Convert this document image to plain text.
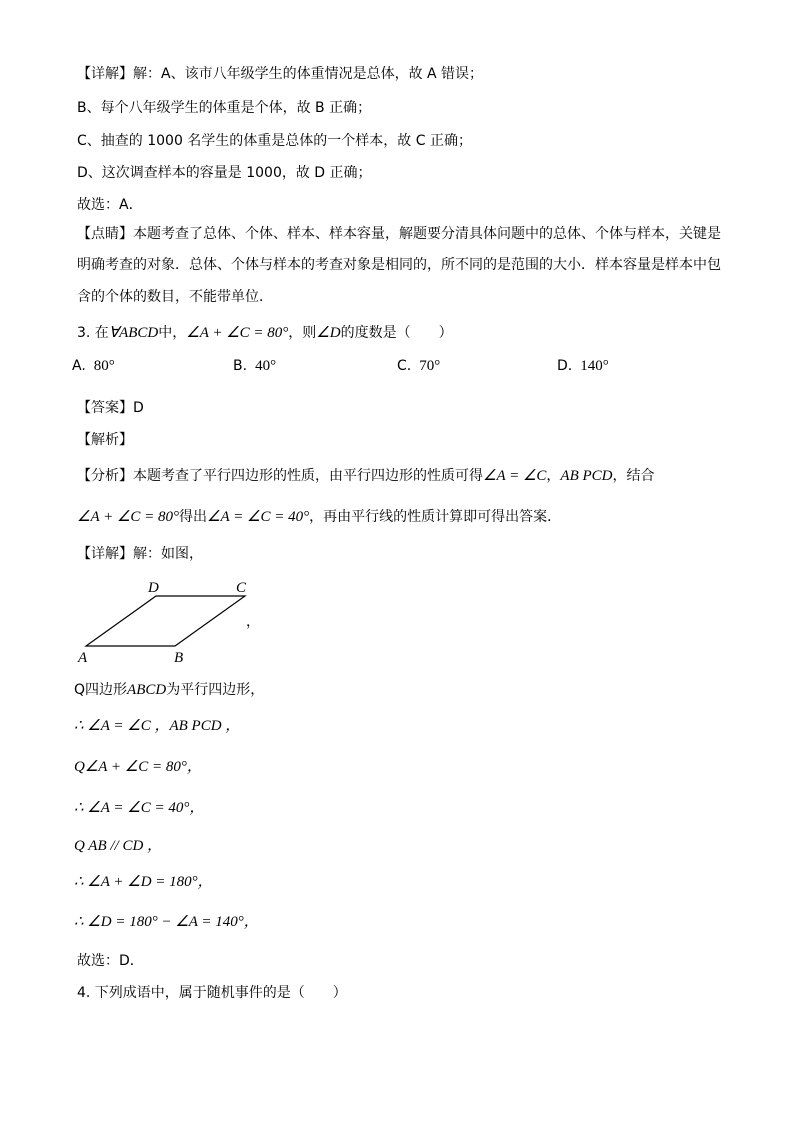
【详解】解：A、该市八年级学生的体重情况是总体，故 A 错误；
B、每个八年级学生的体重是个体，故 B 正确；
C、抽查的 1000 名学生的体重是总体的一个样本，故 C 正确；
D、这次调查样本的容量是 1000，故 D 正确；
故选：A．
【点睛】本题考查了总体、个体、样本、样本容量，解题要分清具体问题中的总体、个体与样本，关键是
明确考查的对象．总体、个体与样本的考查对象是相同的，所不同的是范围的大小．样本容量是样本中包
含的个体的数目，不能带单位．
3. 在∀ABCD中，∠A + ∠C = 80°，则∠D的度数是（　　）
A. 80°	B. 40°	C. 70°	D. 140°
【答案】D
【解析】
【分析】本题考查了平行四边形的性质，由平行四边形的性质可得∠A = ∠C，AB PCD，结合
∠A + ∠C = 80°得出∠A = ∠C = 40°，再由平行线的性质计算即可得出答案．
【详解】解：如图，
D	C
A	B
，
Q四边形ABCD为平行四边形，
∴ ∠A = ∠C ，AB PCD ，
Q∠A + ∠C = 80°，
∴ ∠A = ∠C = 40°，
Q AB // CD ，
∴ ∠A + ∠D = 180°，
∴ ∠D = 180° − ∠A = 140°，
故选：D．
4. 下列成语中，属于随机事件的是（　　）
